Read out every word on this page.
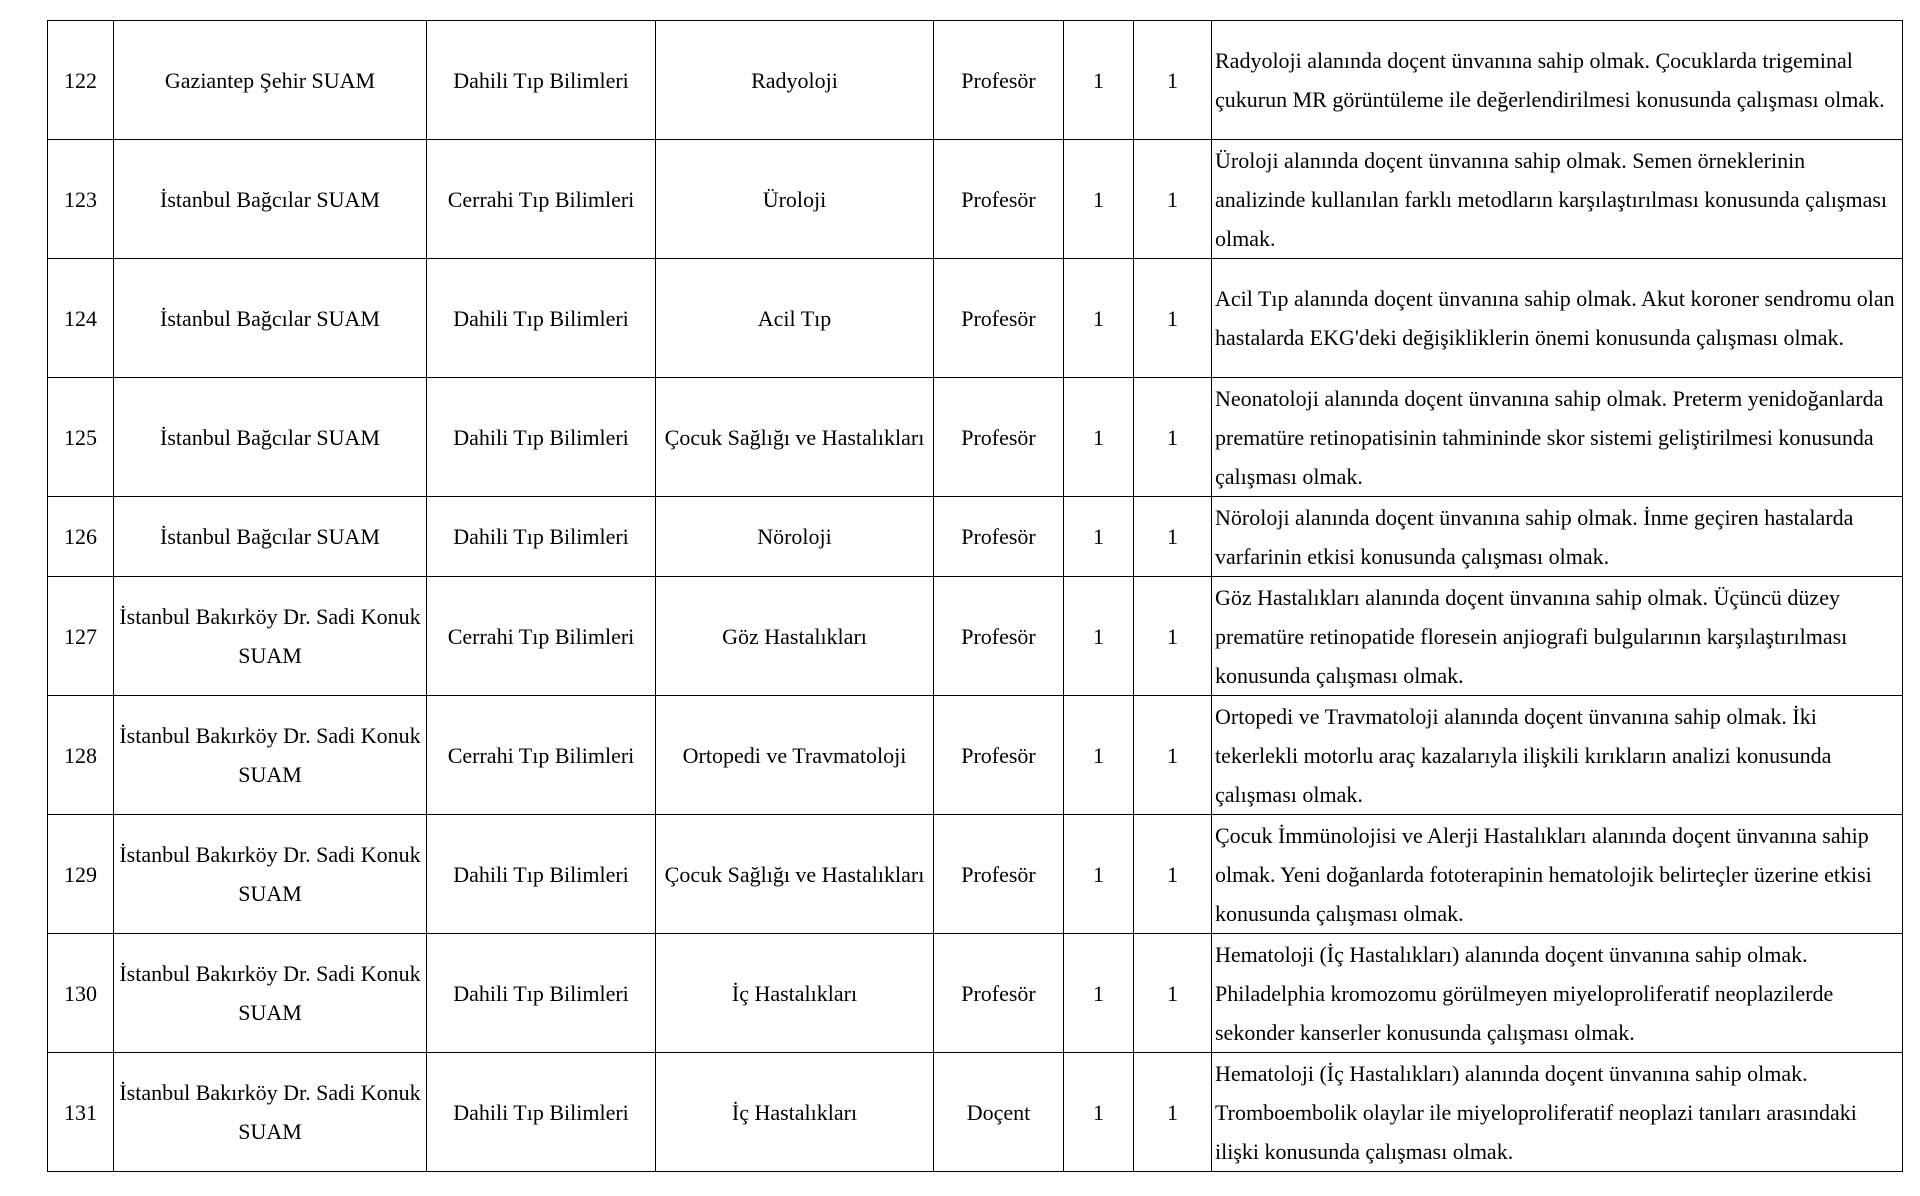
122	Gaziantep Şehir SUAM	Dahili Tıp Bilimleri	Radyoloji	Profesör	1	1	Radyoloji alanında doçent ünvanına sahip olmak. Çocuklarda trigeminal çukurun MR görüntüleme ile değerlendirilmesi konusunda çalışması olmak.
123	İstanbul Bağcılar SUAM	Cerrahi Tıp Bilimleri	Üroloji	Profesör	1	1	Üroloji alanında doçent ünvanına sahip olmak. Semen örneklerinin analizinde kullanılan farklı metodların karşılaştırılması konusunda çalışması olmak.
124	İstanbul Bağcılar SUAM	Dahili Tıp Bilimleri	Acil Tıp	Profesör	1	1	Acil Tıp alanında doçent ünvanına sahip olmak. Akut koroner sendromu olan hastalarda EKG'deki değişikliklerin önemi konusunda çalışması olmak.
125	İstanbul Bağcılar SUAM	Dahili Tıp Bilimleri	Çocuk Sağlığı ve Hastalıkları	Profesör	1	1	Neonatoloji alanında doçent ünvanına sahip olmak. Preterm yenidoğanlarda prematüre retinopatisinin tahmininde skor sistemi geliştirilmesi konusunda çalışması olmak.
126	İstanbul Bağcılar SUAM	Dahili Tıp Bilimleri	Nöroloji	Profesör	1	1	Nöroloji alanında doçent ünvanına sahip olmak. İnme geçiren hastalarda varfarinin etkisi konusunda çalışması olmak.
127	İstanbul Bakırköy Dr. Sadi Konuk SUAM	Cerrahi Tıp Bilimleri	Göz Hastalıkları	Profesör	1	1	Göz Hastalıkları alanında doçent ünvanına sahip olmak. Üçüncü düzey prematüre retinopatide floresein anjiografi bulgularının karşılaştırılması konusunda çalışması olmak.
128	İstanbul Bakırköy Dr. Sadi Konuk SUAM	Cerrahi Tıp Bilimleri	Ortopedi ve Travmatoloji	Profesör	1	1	Ortopedi ve Travmatoloji alanında doçent ünvanına sahip olmak. İki tekerlekli motorlu araç kazalarıyla ilişkili kırıkların analizi konusunda çalışması olmak.
129	İstanbul Bakırköy Dr. Sadi Konuk SUAM	Dahili Tıp Bilimleri	Çocuk Sağlığı ve Hastalıkları	Profesör	1	1	Çocuk İmmünolojisi ve Alerji Hastalıkları alanında doçent ünvanına sahip olmak. Yeni doğanlarda fototerapinin hematolojik belirteçler üzerine etkisi konusunda çalışması olmak.
130	İstanbul Bakırköy Dr. Sadi Konuk SUAM	Dahili Tıp Bilimleri	İç Hastalıkları	Profesör	1	1	Hematoloji (İç Hastalıkları) alanında doçent ünvanına sahip olmak. Philadelphia kromozomu görülmeyen miyeloproliferatif neoplazilerde sekonder kanserler konusunda çalışması olmak.
131	İstanbul Bakırköy Dr. Sadi Konuk SUAM	Dahili Tıp Bilimleri	İç Hastalıkları	Doçent	1	1	Hematoloji (İç Hastalıkları) alanında doçent ünvanına sahip olmak. Tromboembolik olaylar ile miyeloproliferatif neoplazi tanıları arasındaki ilişki konusunda çalışması olmak.
